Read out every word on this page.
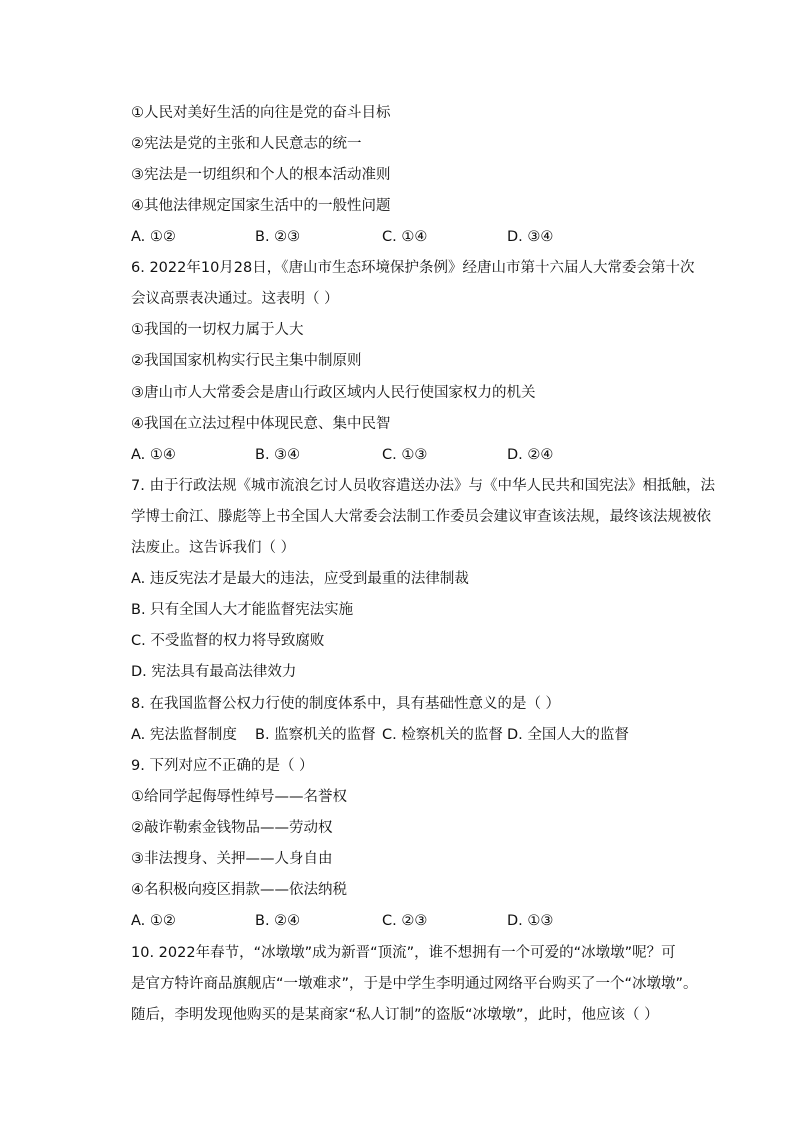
①人民对美好生活的向往是党的奋斗目标
②宪法是党的主张和人民意志的统一
③宪法是一切组织和个人的根本活动准则
④其他法律规定国家生活中的一般性问题
A. ①②	B. ②③	C. ①④	D. ③④
6. 2022年10月28日，《唐山市生态环境保护条例》经唐山市第十六届人大常委会第十次
会议高票表决通过。这表明（ ）
①我国的一切权力属于人大
②我国国家机构实行民主集中制原则
③唐山市人大常委会是唐山行政区域内人民行使国家权力的机关
④我国在立法过程中体现民意、集中民智
A. ①④	B. ③④	C. ①③	D. ②④
7. 由于行政法规《城市流浪乞讨人员收容遣送办法》与《中华人民共和国宪法》相抵触，法
学博士俞江、滕彪等上书全国人大常委会法制工作委员会建议审查该法规，最终该法规被依
法废止。这告诉我们（ ）
A. 违反宪法才是最大的违法，应受到最重的法律制裁
B. 只有全国人大才能监督宪法实施
C. 不受监督的权力将导致腐败
D. 宪法具有最高法律效力
8. 在我国监督公权力行使的制度体系中，具有基础性意义的是（ ）
A. 宪法监督制度 B. 监察机关的监督 C. 检察机关的监督 D. 全国人大的监督
9. 下列对应不正确的是（ ）
①给同学起侮辱性绰号——名誉权
②敲诈勒索金钱物品——劳动权
③非法搜身、关押——人身自由
④名积极向疫区捐款——依法纳税
A. ①②	B. ②④	C. ②③	D. ①③
10. 2022年春节，“冰墩墩”成为新晋“顶流”，谁不想拥有一个可爱的“冰墩墩”呢？可
是官方特许商品旗舰店“一墩难求”，于是中学生李明通过网络平台购买了一个“冰墩墩”。
随后，李明发现他购买的是某商家“私人订制”的盗版“冰墩墩”，此时，他应该（ ）
